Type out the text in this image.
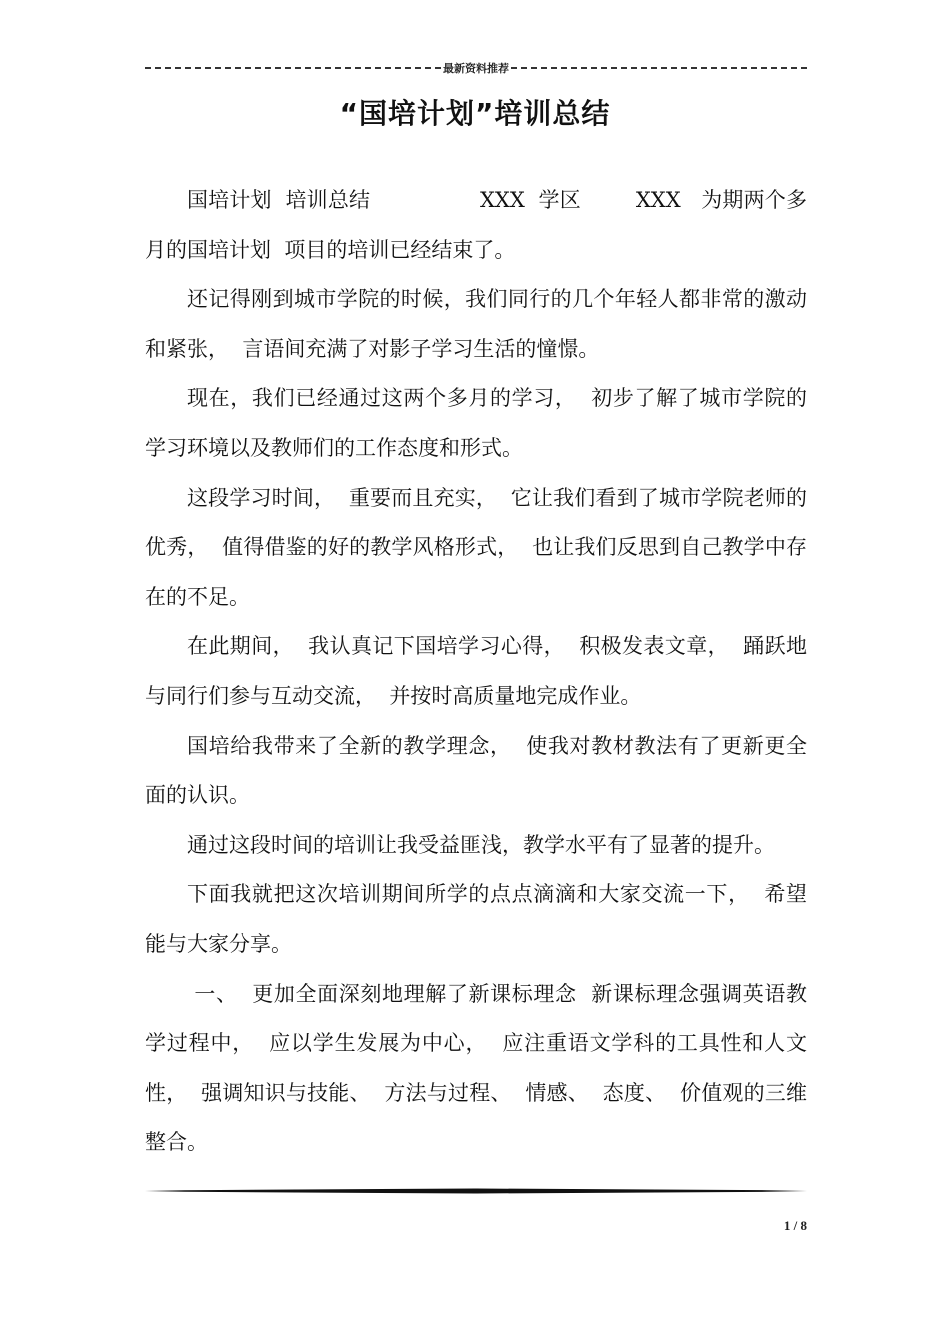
最新资料推荐
“国培计划”培训总结

国培计划  培训总结                XXX  学区        XXX   为期两个多月的国培计划  项目的培训已经结束了。

还记得刚到城市学院的时候，我们同行的几个年轻人都非常的激动和紧张，  言语间充满了对影子学习生活的憧憬。

现在，我们已经通过这两个多月的学习，  初步了解了城市学院的学习环境以及教师们的工作态度和形式。

这段学习时间，  重要而且充实，  它让我们看到了城市学院老师的优秀，  值得借鉴的好的教学风格形式，  也让我们反思到自己教学中存在的不足。

在此期间，  我认真记下国培学习心得，  积极发表文章，  踊跃地与同行们参与互动交流，  并按时高质量地完成作业。

国培给我带来了全新的教学理念，  使我对教材教法有了更新更全面的认识。

通过这段时间的培训让我受益匪浅，教学水平有了显著的提升。

下面我就把这次培训期间所学的点点滴滴和大家交流一下，  希望能与大家分享。

一、  更加全面深刻地理解了新课标理念  新课标理念强调英语教学过程中，  应以学生发展为中心，  应注重语文学科的工具性和人文性，  强调知识与技能、  方法与过程、  情感、  态度、  价值观的三维整合。

1 / 8
